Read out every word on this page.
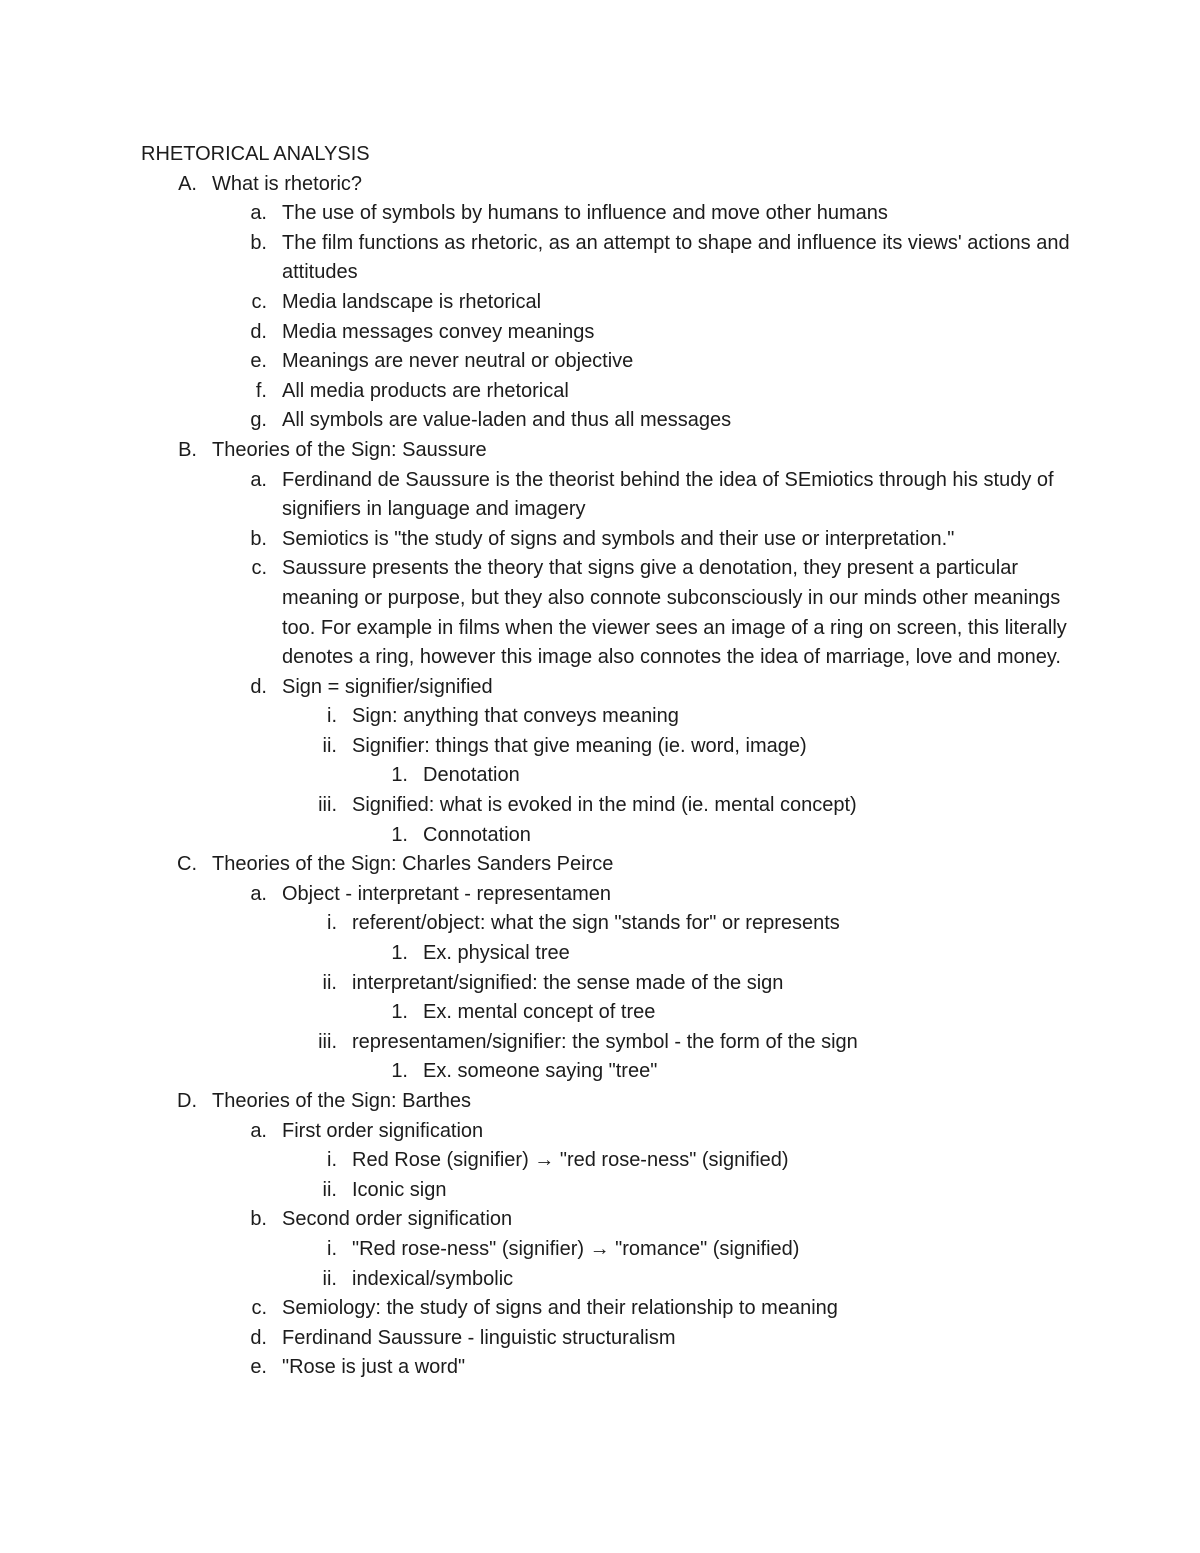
RHETORICAL ANALYSIS
A. What is rhetoric?
a. The use of symbols by humans to influence and move other humans
b. The film functions as rhetoric, as an attempt to shape and influence its views' actions and attitudes
c. Media landscape is rhetorical
d. Media messages convey meanings
e. Meanings are never neutral or objective
f. All media products are rhetorical
g. All symbols are value-laden and thus all messages
B. Theories of the Sign: Saussure
a. Ferdinand de Saussure is the theorist behind the idea of SEmiotics through his study of signifiers in language and imagery
b. Semiotics is "the study of signs and symbols and their use or interpretation."
c. Saussure presents the theory that signs give a denotation, they present a particular meaning or purpose, but they also connote subconsciously in our minds other meanings too. For example in films when the viewer sees an image of a ring on screen, this literally denotes a ring, however this image also connotes the idea of marriage, love and money.
d. Sign = signifier/signified
i. Sign: anything that conveys meaning
ii. Signifier: things that give meaning (ie. word, image)
1. Denotation
iii. Signified: what is evoked in the mind (ie. mental concept)
1. Connotation
C. Theories of the Sign: Charles Sanders Peirce
a. Object - interpretant - representamen
i. referent/object: what the sign "stands for" or represents
1. Ex. physical tree
ii. interpretant/signified: the sense made of the sign
1. Ex. mental concept of tree
iii. representamen/signifier: the symbol - the form of the sign
1. Ex. someone saying "tree"
D. Theories of the Sign: Barthes
a. First order signification
i. Red Rose (signifier) → "red rose-ness" (signified)
ii. Iconic sign
b. Second order signification
i. "Red rose-ness" (signifier) → "romance" (signified)
ii. indexical/symbolic
c. Semiology: the study of signs and their relationship to meaning
d. Ferdinand Saussure - linguistic structuralism
e. "Rose is just a word"
